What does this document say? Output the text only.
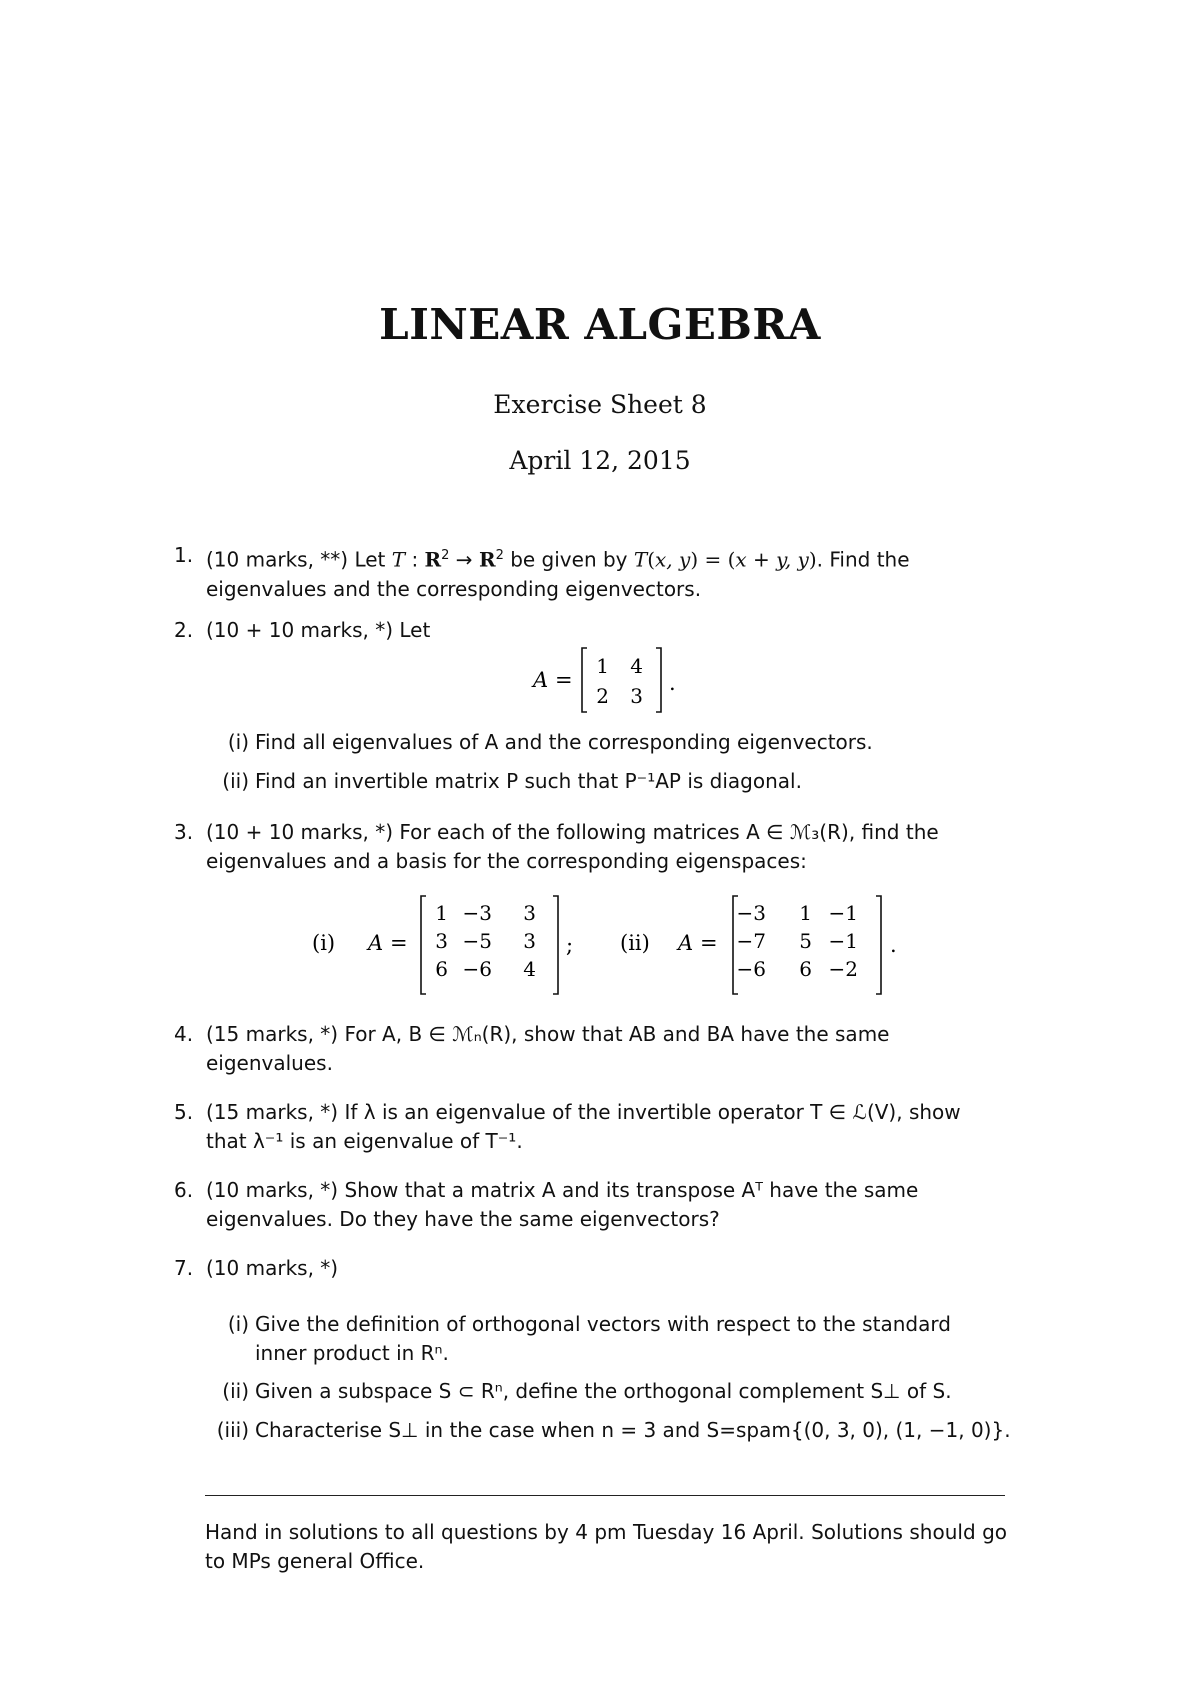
LINEAR ALGEBRA
Exercise Sheet 8
April 12, 2015
1. (10 marks, **) Let T : $R^2 \to R^2$ be given by T(x, y) = (x + y, y). Find the
eigenvalues and the corresponding eigenvectors.
2. (10 + 10 marks, *) Let
A =
1 4
2 3
.
(i) Find all eigenvalues of A and the corresponding eigenvectors.
(ii) Find an invertible matrix P such that P⁻¹AP is diagonal.
3. (10 + 10 marks, *) For each of the following matrices A ∈ ℳ₃(R), find the
eigenvalues and a basis for the corresponding eigenspaces:
(i) A =
1 −3 3
3 −5 3
6 −6 4
; (ii) A =
−3 1 −1
−7 5 −1
−6 6 −2
.
4. (15 marks, *) For A, B ∈ ℳₙ(R), show that AB and BA have the same
eigenvalues.
5. (15 marks, *) If λ is an eigenvalue of the invertible operator T ∈ ℒ(V), show
that λ⁻¹ is an eigenvalue of T⁻¹.
6. (10 marks, *) Show that a matrix A and its transpose Aᵀ have the same
eigenvalues. Do they have the same eigenvectors?
7. (10 marks, *)
(i) Give the definition of orthogonal vectors with respect to the standard
inner product in Rⁿ.
(ii) Given a subspace S ⊂ Rⁿ, define the orthogonal complement S⊥ of S.
(iii) Characterise S⊥ in the case when n = 3 and S=spam{(0, 3, 0), (1, −1, 0)}.
Hand in solutions to all questions by 4 pm Tuesday 16 April. Solutions should go to MPs general Office.
